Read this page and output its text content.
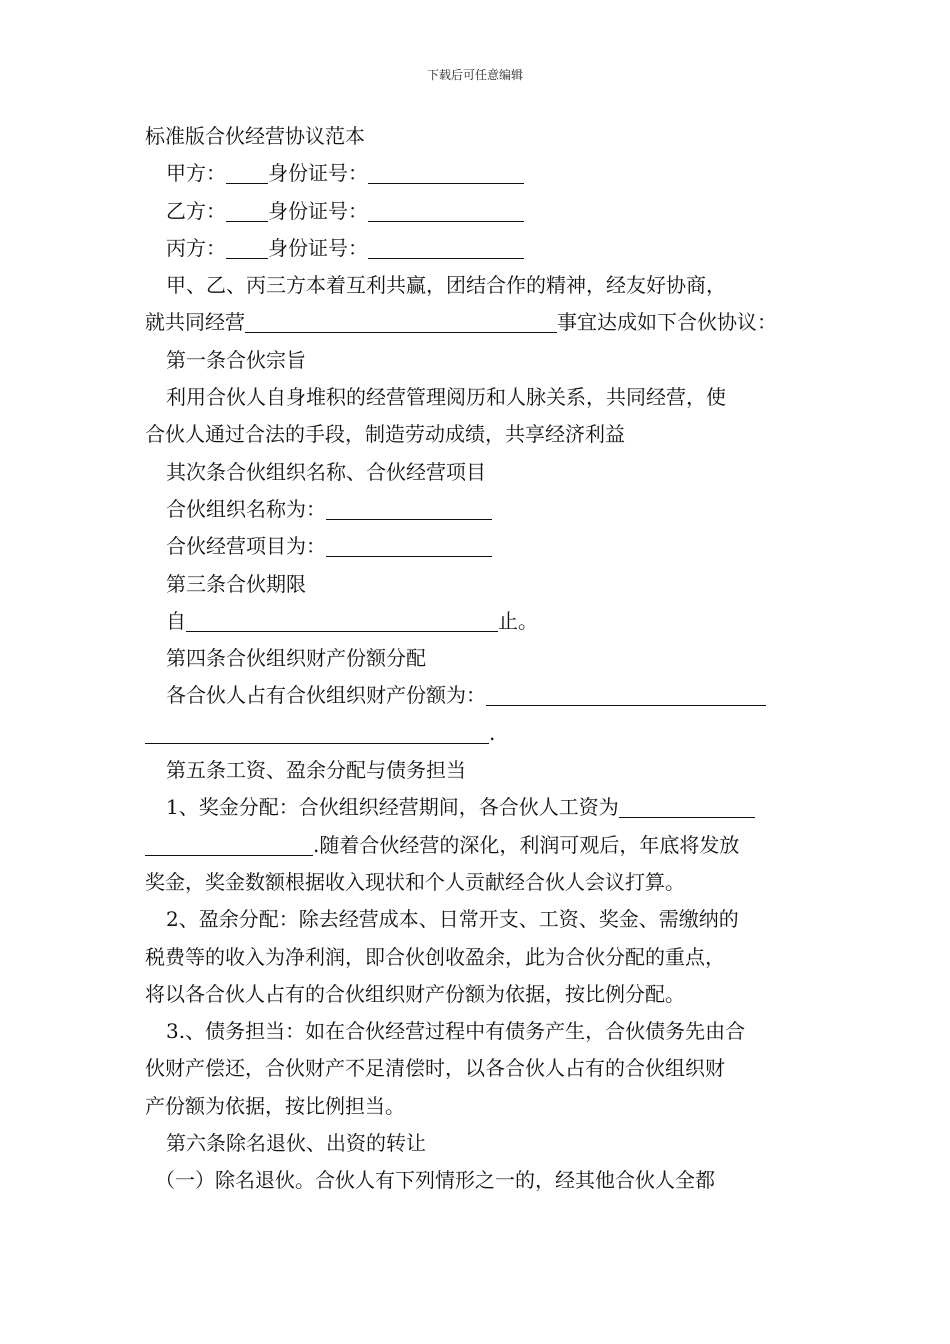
下载后可任意编辑
标准版合伙经营协议范本
甲方： 身份证号：
乙方： 身份证号：
丙方： 身份证号：
甲、乙、丙三方本着互利共赢，团结合作的精神，经友好协商，
就共同经营	事宜达成如下合伙协议：
第一条合伙宗旨
利用合伙人自身堆积的经营管理阅历和人脉关系，共同经营，使
合伙人通过合法的手段，制造劳动成绩，共享经济利益
其次条合伙组织名称、合伙经营项目
合伙组织名称为：
合伙经营项目为：
第三条合伙期限
自	止。
第四条合伙组织财产份额分配
各合伙人占有合伙组织财产份额为：
.
第五条工资、盈余分配与债务担当
1、奖金分配：合伙组织经营期间，各合伙人工资为
.随着合伙经营的深化，利润可观后，年底将发放
奖金，奖金数额根据收入现状和个人贡献经合伙人会议打算。
2、盈余分配：除去经营成本、日常开支、工资、奖金、需缴纳的
税费等的收入为净利润，即合伙创收盈余，此为合伙分配的重点，
将以各合伙人占有的合伙组织财产份额为依据，按比例分配。
3.、债务担当：如在合伙经营过程中有债务产生，合伙债务先由合
伙财产偿还，合伙财产不足清偿时，以各合伙人占有的合伙组织财
产份额为依据，按比例担当。
第六条除名退伙、出资的转让
（一）除名退伙。合伙人有下列情形之一的，经其他合伙人全都
